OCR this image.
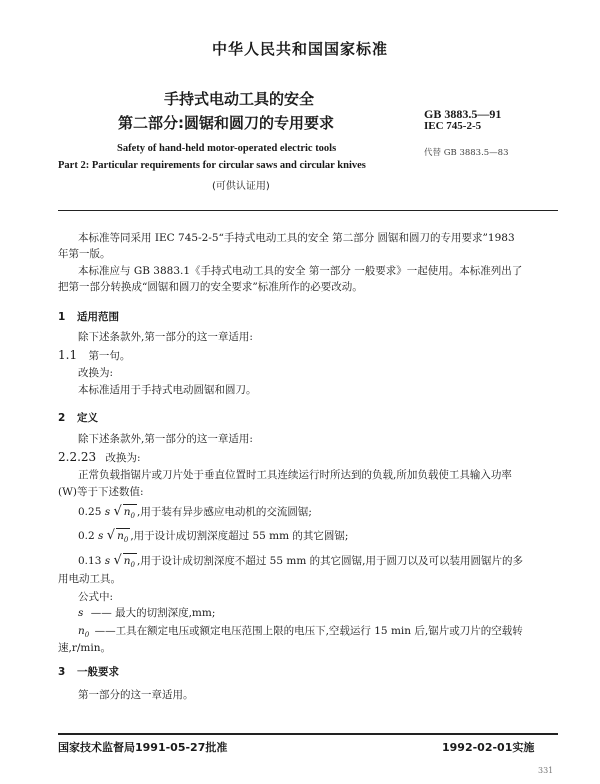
中华人民共和国国家标准
手持式电动工具的安全
第二部分:圆锯和圆刀的专用要求	GB 3883.5—91
IEC 745-2-5
代替 GB 3883.5—83
Safety of hand-held motor-operated electric tools
Part 2: Particular requirements for circular saws and circular knives
(可供认证用)
本标准等同采用 IEC 745-2-5“手持式电动工具的安全 第二部分 圆锯和圆刀的专用要求”1983
年第一版。
本标准应与 GB 3883.1《手持式电动工具的安全 第一部分 一般要求》一起使用。本标准列出了
把第一部分转换成“圆锯和圆刀的安全要求”标准所作的必要改动。
1 适用范围
除下述条款外,第一部分的这一章适用:
1.1 第一句。
改换为:
本标准适用于手持式电动圆锯和圆刀。
2 定义
除下述条款外,第一部分的这一章适用:
2.2.23 改换为:
正常负载指锯片或刀片处于垂直位置时工具连续运行时所达到的负载,所加负载使工具输入功率
(W)等于下述数值:
0.25 s √ $n_0$ ,用于装有异步感应电动机的交流圆锯;
0.2 s √ $n_0$ ,用于设计成切割深度超过 55 mm 的其它圆锯;
0.13 s √ $n_0$ ,用于设计成切割深度不超过 55 mm 的其它圆锯,用于圆刀以及可以装用圆锯片的多
用电动工具。
公式中:
s —— 最大的切割深度,mm;
$n_0$ ——工具在额定电压或额定电压范围上限的电压下,空载运行 15 min 后,锯片或刀片的空载转
速,r/min。
3 一般要求
第一部分的这一章适用。
国家技术监督局1991-05-27批准	1992-02-01实施
331
